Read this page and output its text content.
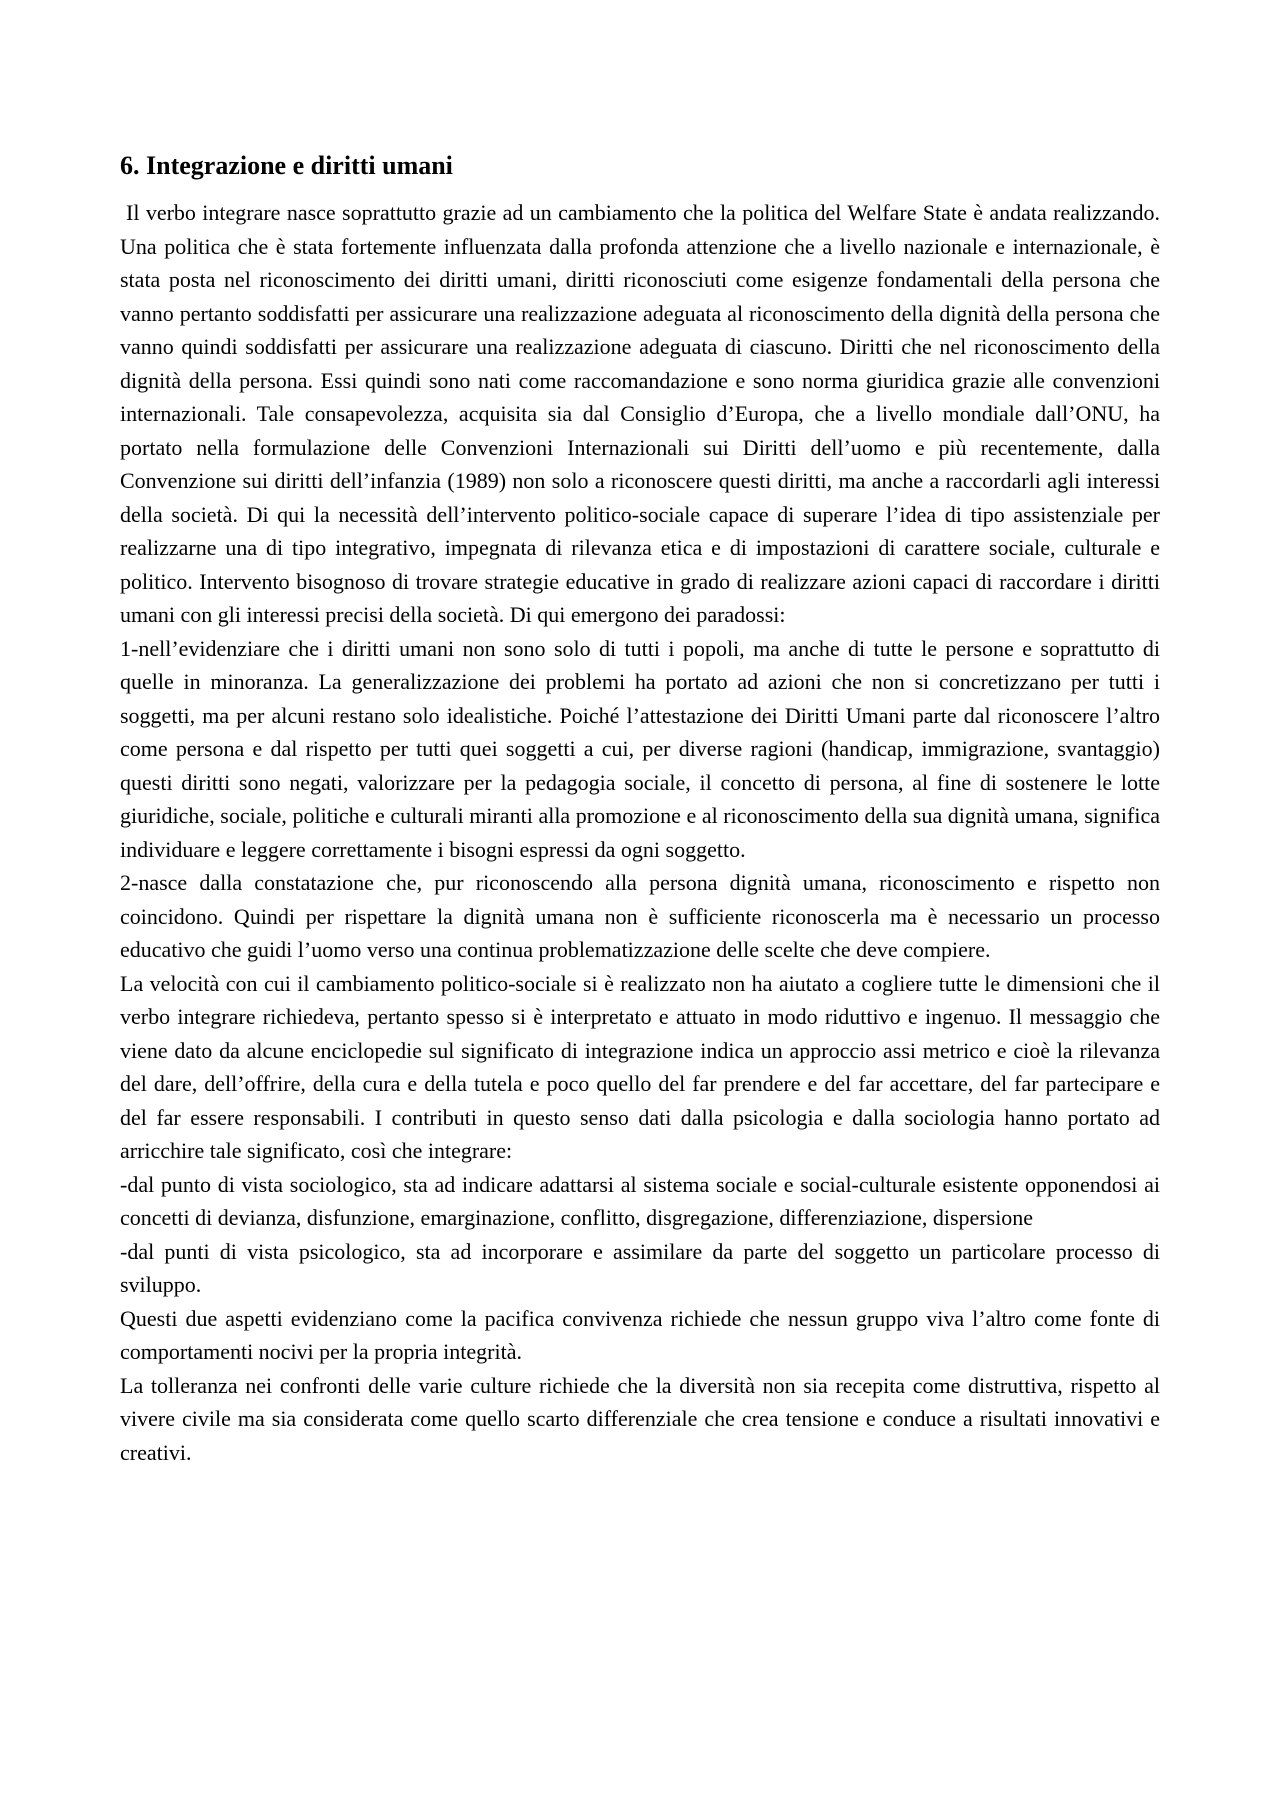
6. Integrazione e diritti umani

Il verbo integrare nasce soprattutto grazie ad un cambiamento che la politica del Welfare State è andata realizzando. Una politica che è stata fortemente influenzata dalla profonda attenzione che a livello nazionale e internazionale, è stata posta nel riconoscimento dei diritti umani, diritti riconosciuti come esigenze fondamentali della persona che vanno pertanto soddisfatti per assicurare una realizzazione adeguata al riconoscimento della dignità della persona che vanno quindi soddisfatti per assicurare una realizzazione adeguata di ciascuno. Diritti che nel riconoscimento della dignità della persona. Essi quindi sono nati come raccomandazione e sono norma giuridica grazie alle convenzioni internazionali. Tale consapevolezza, acquisita sia dal Consiglio d’Europa, che a livello mondiale dall’ONU, ha portato nella formulazione delle Convenzioni Internazionali sui Diritti dell’uomo e più recentemente, dalla Convenzione sui diritti dell’infanzia (1989) non solo a riconoscere questi diritti, ma anche a raccordarli agli interessi della società. Di qui la necessità dell’intervento politico-sociale capace di superare l’idea di tipo assistenziale per realizzarne una di tipo integrativo, impegnata di rilevanza etica e di impostazioni di carattere sociale, culturale e politico. Intervento bisognoso di trovare strategie educative in grado di realizzare azioni capaci di raccordare i diritti umani con gli interessi precisi della società. Di qui emergono dei paradossi:

1-nell’evidenziare che i diritti umani non sono solo di tutti i popoli, ma anche di tutte le persone e soprattutto di quelle in minoranza. La generalizzazione dei problemi ha portato ad azioni che non si concretizzano per tutti i soggetti, ma per alcuni restano solo idealistiche. Poiché l’attestazione dei Diritti Umani parte dal riconoscere l’altro come persona e dal rispetto per tutti quei soggetti a cui, per diverse ragioni (handicap, immigrazione, svantaggio) questi diritti sono negati, valorizzare per la pedagogia sociale, il concetto di persona, al fine di sostenere le lotte giuridiche, sociale, politiche e culturali miranti alla promozione e al riconoscimento della sua dignità umana, significa individuare e leggere correttamente i bisogni espressi da ogni soggetto.

2-nasce dalla constatazione che, pur riconoscendo alla persona dignità umana, riconoscimento e rispetto non coincidono. Quindi per rispettare la dignità umana non è sufficiente riconoscerla ma è necessario un processo educativo che guidi l’uomo verso una continua problematizzazione delle scelte che deve compiere.

La velocità con cui il cambiamento politico-sociale si è realizzato non ha aiutato a cogliere tutte le dimensioni che il verbo integrare richiedeva, pertanto spesso si è interpretato e attuato in modo riduttivo e ingenuo. Il messaggio che viene dato da alcune enciclopedie sul significato di integrazione indica un approccio assi metrico e cioè la rilevanza del dare, dell’offrire, della cura e della tutela e poco quello del far prendere e del far accettare, del far partecipare e del far essere responsabili. I contributi in questo senso dati dalla psicologia e dalla sociologia hanno portato ad arricchire tale significato, così che integrare:

-dal punto di vista sociologico, sta ad indicare adattarsi al sistema sociale e social-culturale esistente opponendosi ai concetti di devianza, disfunzione, emarginazione, conflitto, disgregazione, differenziazione, dispersione

-dal punti di vista psicologico, sta ad incorporare e assimilare da parte del soggetto un particolare processo di sviluppo.

Questi due aspetti evidenziano come la pacifica convivenza richiede che nessun gruppo viva l’altro come fonte di comportamenti nocivi per la propria integrità.

La tolleranza nei confronti delle varie culture richiede che la diversità non sia recepita come distruttiva, rispetto al vivere civile ma sia considerata come quello scarto differenziale che crea tensione e conduce a risultati innovativi e creativi.
